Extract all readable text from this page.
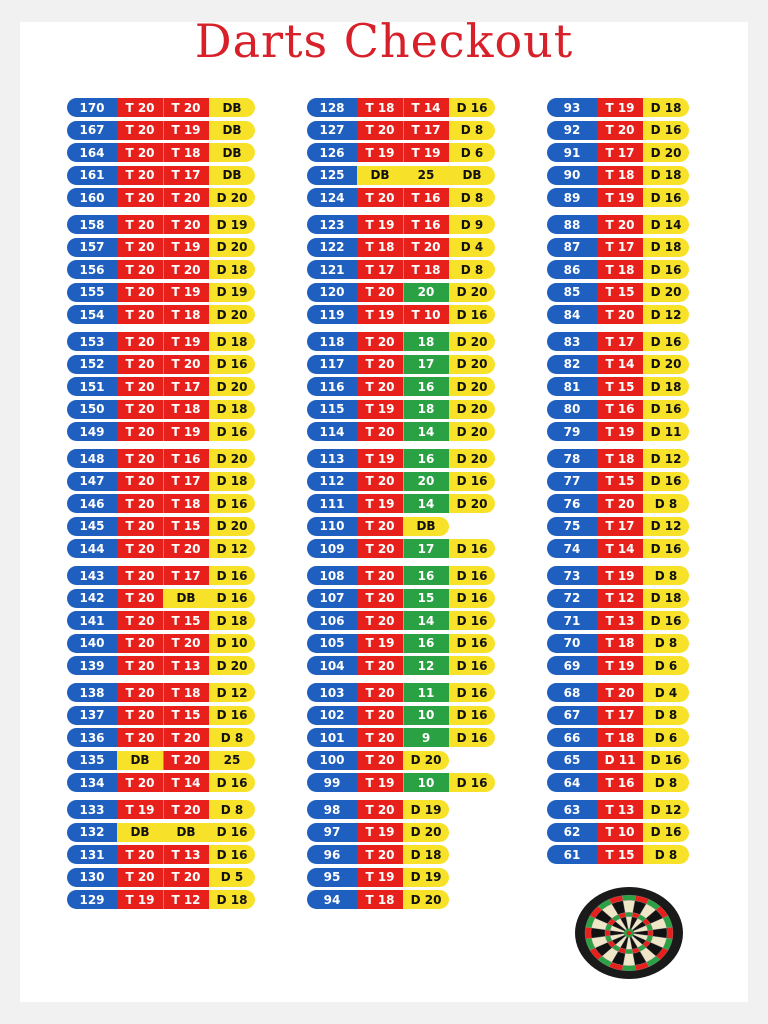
Darts Checkout
170	T 20	T 20	DB
167	T 20	T 19	DB
164	T 20	T 18	DB
161	T 20	T 17	DB
160	T 20	T 20	D 20
158	T 20	T 20	D 19
157	T 20	T 19	D 20
156	T 20	T 20	D 18
155	T 20	T 19	D 19
154	T 20	T 18	D 20
153	T 20	T 19	D 18
152	T 20	T 20	D 16
151	T 20	T 17	D 20
150	T 20	T 18	D 18
149	T 20	T 19	D 16
148	T 20	T 16	D 20
147	T 20	T 17	D 18
146	T 20	T 18	D 16
145	T 20	T 15	D 20
144	T 20	T 20	D 12
143	T 20	T 17	D 16
142	T 20	DB	D 16
141	T 20	T 15	D 18
140	T 20	T 20	D 10
139	T 20	T 13	D 20
138	T 20	T 18	D 12
137	T 20	T 15	D 16
136	T 20	T 20	D 8
135	DB	T 20	25
134	T 20	T 14	D 16
133	T 19	T 20	D 8
132	DB	DB	D 16
131	T 20	T 13	D 16
130	T 20	T 20	D 5
129	T 19	T 12	D 18
128	T 18	T 14	D 16
127	T 20	T 17	D 8
126	T 19	T 19	D 6
125	DB	25	DB
124	T 20	T 16	D 8
123	T 19	T 16	D 9
122	T 18	T 20	D 4
121	T 17	T 18	D 8
120	T 20	20	D 20
119	T 19	T 10	D 16
118	T 20	18	D 20
117	T 20	17	D 20
116	T 20	16	D 20
115	T 19	18	D 20
114	T 20	14	D 20
113	T 19	16	D 20
112	T 20	20	D 16
111	T 19	14	D 20
110	T 20	DB
109	T 20	17	D 16
108	T 20	16	D 16
107	T 20	15	D 16
106	T 20	14	D 16
105	T 19	16	D 16
104	T 20	12	D 16
103	T 20	11	D 16
102	T 20	10	D 16
101	T 20	9	D 16
100	T 20	D 20
99	T 19	10	D 16
98	T 20	D 19
97	T 19	D 20
96	T 20	D 18
95	T 19	D 19
94	T 18	D 20
93	T 19	D 18
92	T 20	D 16
91	T 17	D 20
90	T 18	D 18
89	T 19	D 16
88	T 20	D 14
87	T 17	D 18
86	T 18	D 16
85	T 15	D 20
84	T 20	D 12
83	T 17	D 16
82	T 14	D 20
81	T 15	D 18
80	T 16	D 16
79	T 19	D 11
78	T 18	D 12
77	T 15	D 16
76	T 20	D 8
75	T 17	D 12
74	T 14	D 16
73	T 19	D 8
72	T 12	D 18
71	T 13	D 16
70	T 18	D 8
69	T 19	D 6
68	T 20	D 4
67	T 17	D 8
66	T 18	D 6
65	D 11	D 16
64	T 16	D 8
63	T 13	D 12
62	T 10	D 16
61	T 15	D 8
